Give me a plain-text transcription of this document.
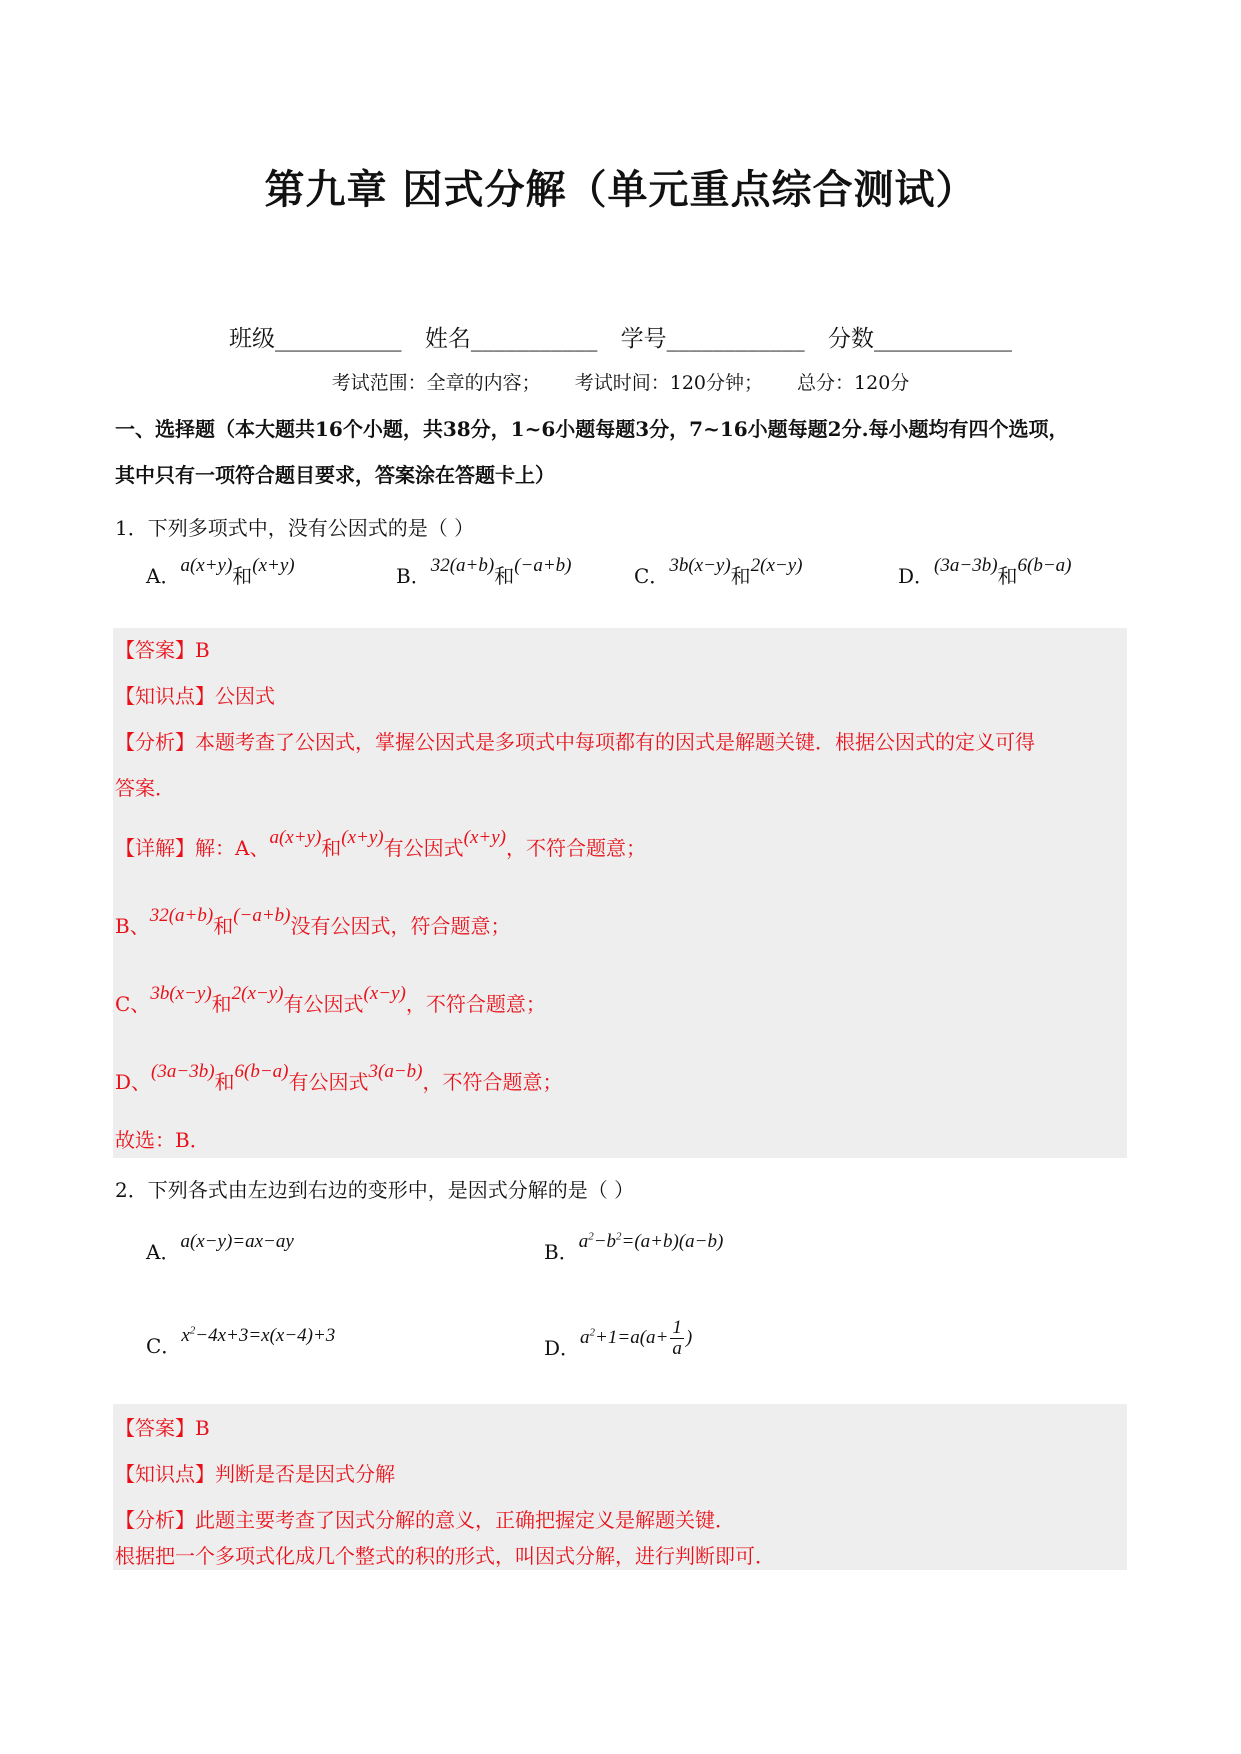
第九章 因式分解（单元重点综合测试）
班级___________ 姓名___________ 学号____________ 分数____________
考试范围：全章的内容； 考试时间：120分钟； 总分：120分
一、选择题（本大题共16个小题，共38分，1~6小题每题3分，7~16小题每题2分.每小题均有四个选项，
其中只有一项符合题目要求，答案涂在答题卡上）
1．下列多项式中，没有公因式的是（ ）
A．a(x+y)和(x+y)	B．32(a+b)和(−a+b)	C．3b(x−y)和2(x−y)	D．(3a−3b)和6(b−a)
【答案】B
【知识点】公因式
【分析】本题考查了公因式，掌握公因式是多项式中每项都有的因式是解题关键．根据公因式的定义可得
答案．
【详解】解：A、a(x+y)和(x+y)有公因式(x+y)，不符合题意；
B、32(a+b)和(−a+b)没有公因式，符合题意；
C、3b(x−y)和2(x−y)有公因式(x−y)，不符合题意；
D、(3a−3b)和6(b−a)有公因式3(a−b)，不符合题意；
故选：B．
2．下列各式由左边到右边的变形中，是因式分解的是（ ）
A．a(x−y)=ax−ay	B．$a^2-b^2=(a+b)(a-b)$
C．$x^2-4x+3=x(x-4)+3$
D．$a^2+1=a(a+ \frac{1}{a}$ )
【答案】B
【知识点】判断是否是因式分解
【分析】此题主要考查了因式分解的意义，正确把握定义是解题关键．
根据把一个多项式化成几个整式的积的形式，叫因式分解，进行判断即可．
